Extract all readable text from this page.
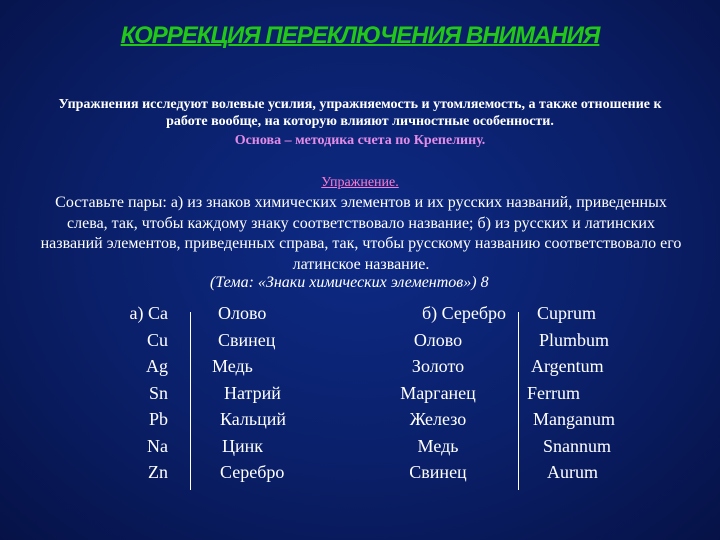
КОРРЕКЦИЯ ПЕРЕКЛЮЧЕНИЯ ВНИМАНИЯ
Упражнения исследуют волевые усилия, упражняемость и утомляемость, а также отношение к работе вообще, на которую влияют личностные особенности.
Основа – методика счета по Крепелину.
Упражнение.
Составьте пары: а) из знаков химических элементов и их русских названий, приведенных слева, так, чтобы каждому знаку соответствовало название; б) из русских и латинских названий элементов, приведенных справа, так, чтобы русскому названию соответствовало его латинское название.
(Тема: «Знаки химических элементов») 8
а) Ca
Cu
Ag
Sn
Pb
Na
Zn
Олово
Свинец
Медь
Натрий
Кальций
Цинк
Серебро
б) Серебро
Олово
Золото
Марганец
Железо
Медь
Свинец
Cuprum
Plumbum
Argentum
Ferrum
Manganum
Snannum
Aurum
